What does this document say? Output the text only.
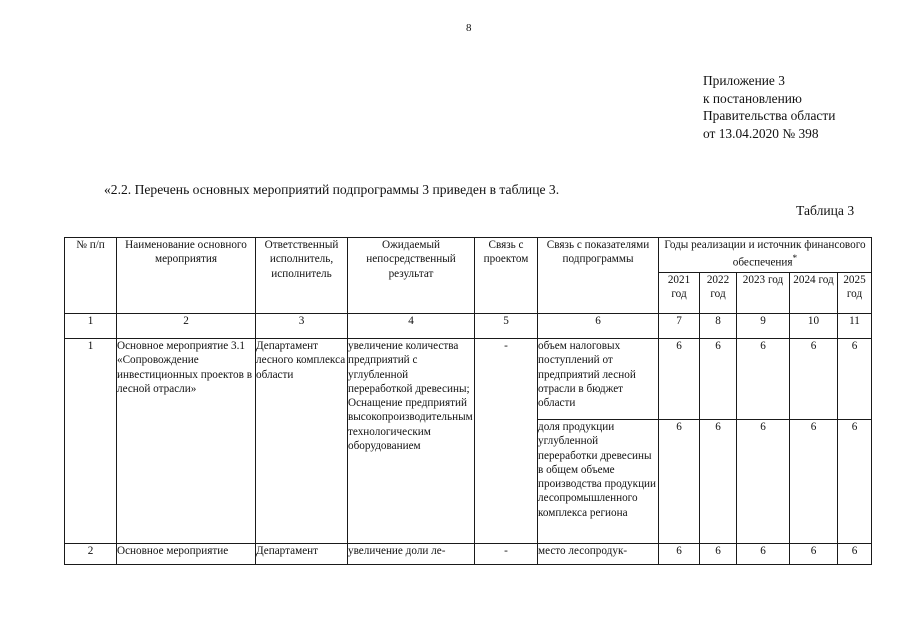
8
Приложение 3
к постановлению
Правительства области
от 13.04.2020 № 398
«2.2. Перечень основных мероприятий подпрограммы 3 приведен в таблице 3.
Таблица 3
№ п/п	Наименование основного мероприятия	Ответственный исполнитель, исполнитель	Ожидаемый непосредственный результат	Связь с проектом	Связь с показателями подпрограммы	Годы реализации и источник финансового обеспечения*
						2021 год	2022 год	2023 год	2024 год	2025 год
1	2	3	4	5	6	7	8	9	10	11
1	Основное мероприятие 3.1 «Сопровождение инвестиционных проектов в лесной отрасли»	Департамент лесного комплекса области	увеличение количества предприятий с углубленной переработкой древесины; Оснащение предприятий высокопроизводительным технологическим оборудованием	-	объем налоговых поступлений от предприятий лесной отрасли в бюджет области	6	6	6	6	6
					доля продукции углубленной переработки древесины в общем объеме производства продукции лесопромышленного комплекса региона	6	6	6	6	6
2	Основное мероприятие	Департамент	увеличение доли ле-	-	место лесопродук-	6	6	6	6	6
